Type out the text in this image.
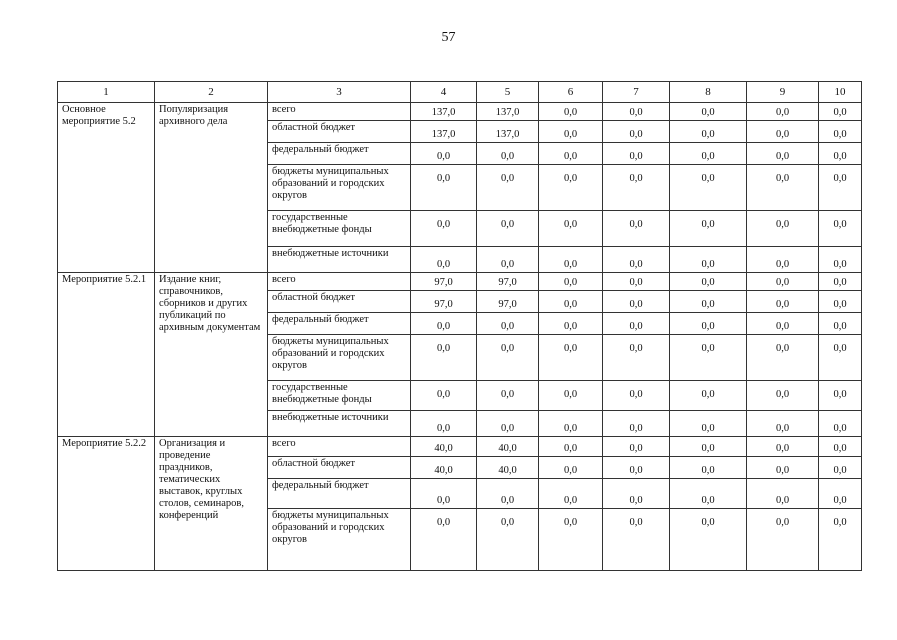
57
1	2	3	4	5	6	7	8	9	10
Основное мероприятие 5.2	Популяризация архивного дела	всего	137,0	137,0	0,0	0,0	0,0	0,0	0,0
		областной бюджет	137,0	137,0	0,0	0,0	0,0	0,0	0,0
		федеральный бюджет	0,0	0,0	0,0	0,0	0,0	0,0	0,0
		бюджеты муниципальных образований и городских округов	0,0	0,0	0,0	0,0	0,0	0,0	0,0
		государственные внебюджетные фонды	0,0	0,0	0,0	0,0	0,0	0,0	0,0
		внебюджетные источники	0,0	0,0	0,0	0,0	0,0	0,0	0,0
Мероприятие 5.2.1	Издание книг, справочников, сборников и других публикаций по архивным документам	всего	97,0	97,0	0,0	0,0	0,0	0,0	0,0
		областной бюджет	97,0	97,0	0,0	0,0	0,0	0,0	0,0
		федеральный бюджет	0,0	0,0	0,0	0,0	0,0	0,0	0,0
		бюджеты муниципальных образований и городских округов	0,0	0,0	0,0	0,0	0,0	0,0	0,0
		государственные внебюджетные фонды	0,0	0,0	0,0	0,0	0,0	0,0	0,0
		внебюджетные источники	0,0	0,0	0,0	0,0	0,0	0,0	0,0
Мероприятие 5.2.2	Организация и проведение праздников, тематических выставок, круглых столов, семинаров, конференций	всего	40,0	40,0	0,0	0,0	0,0	0,0	0,0
		областной бюджет	40,0	40,0	0,0	0,0	0,0	0,0	0,0
		федеральный бюджет	0,0	0,0	0,0	0,0	0,0	0,0	0,0
		бюджеты муниципальных образований и городских округов	0,0	0,0	0,0	0,0	0,0	0,0	0,0
